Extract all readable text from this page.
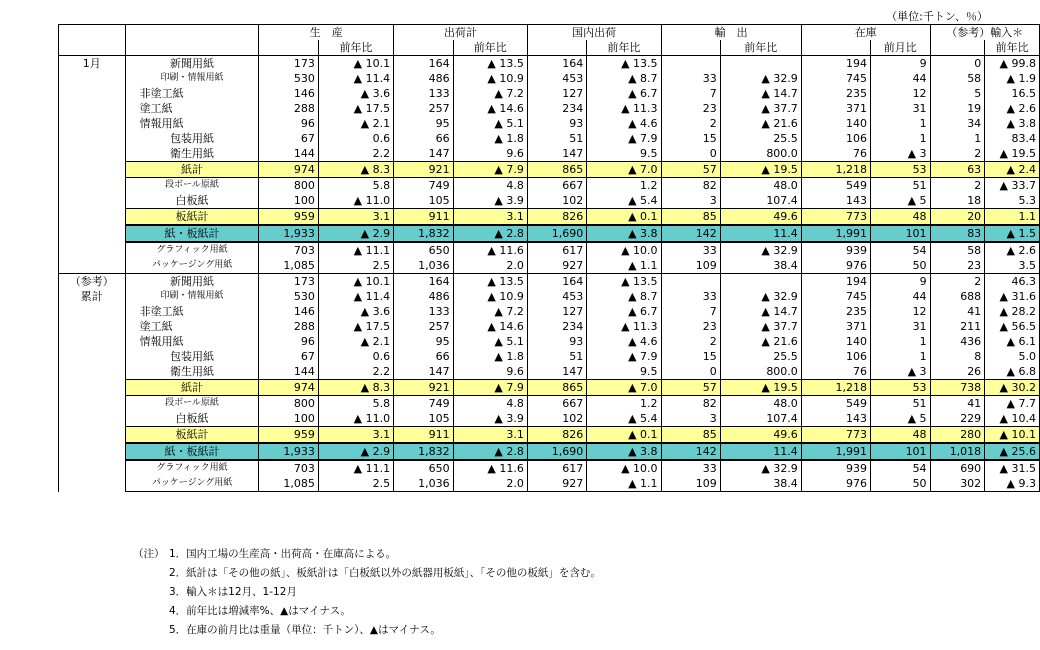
（単位:千トン、％）
		生　産		出荷計		国内出荷		輸　出		在庫		（参考）輸入＊	
			前年比		前年比		前年比		前年比		前月比		前年比

1月	新聞用紙	173	▲ 10.1	164	▲ 13.5	164	▲ 13.5			194	9	0	▲ 99.8
	印刷・情報用紙	530	▲ 11.4	486	▲ 10.9	453	▲ 8.7	33	▲ 32.9	745	44	58	▲ 1.9
	非塗工紙	146	▲ 3.6	133	▲ 7.2	127	▲ 6.7	7	▲ 14.7	235	12	5	16.5
	塗工紙	288	▲ 17.5	257	▲ 14.6	234	▲ 11.3	23	▲ 37.7	371	31	19	▲ 2.6
	情報用紙	96	▲ 2.1	95	▲ 5.1	93	▲ 4.6	2	▲ 21.6	140	1	34	▲ 3.8
	包装用紙	67	0.6	66	▲ 1.8	51	▲ 7.9	15	25.5	106	1	1	83.4
	衛生用紙	144	2.2	147	9.6	147	9.5	0	800.0	76	▲ 3	2	▲ 19.5
	紙計	974	▲ 8.3	921	▲ 7.9	865	▲ 7.0	57	▲ 19.5	1,218	53	63	▲ 2.4
	段ボール原紙	800	5.8	749	4.8	667	1.2	82	48.0	549	51	2	▲ 33.7
	白板紙	100	▲ 11.0	105	▲ 3.9	102	▲ 5.4	3	107.4	143	▲ 5	18	5.3
	板紙計	959	3.1	911	3.1	826	▲ 0.1	85	49.6	773	48	20	1.1
	紙・板紙計	1,933	▲ 2.9	1,832	▲ 2.8	1,690	▲ 3.8	142	11.4	1,991	101	83	▲ 1.5
	グラフィック用紙	703	▲ 11.1	650	▲ 11.6	617	▲ 10.0	33	▲ 32.9	939	54	58	▲ 2.6
	パッケージング用紙	1,085	2.5	1,036	2.0	927	▲ 1.1	109	38.4	976	50	23	3.5

（参考）
累計	新聞用紙	173	▲ 10.1	164	▲ 13.5	164	▲ 13.5			194	9	2	46.3
	印刷・情報用紙	530	▲ 11.4	486	▲ 10.9	453	▲ 8.7	33	▲ 32.9	745	44	688	▲ 31.6
	非塗工紙	146	▲ 3.6	133	▲ 7.2	127	▲ 6.7	7	▲ 14.7	235	12	41	▲ 28.2
	塗工紙	288	▲ 17.5	257	▲ 14.6	234	▲ 11.3	23	▲ 37.7	371	31	211	▲ 56.5
	情報用紙	96	▲ 2.1	95	▲ 5.1	93	▲ 4.6	2	▲ 21.6	140	1	436	▲ 6.1
	包装用紙	67	0.6	66	▲ 1.8	51	▲ 7.9	15	25.5	106	1	8	5.0
	衛生用紙	144	2.2	147	9.6	147	9.5	0	800.0	76	▲ 3	26	▲ 6.8
	紙計	974	▲ 8.3	921	▲ 7.9	865	▲ 7.0	57	▲ 19.5	1,218	53	738	▲ 30.2
	段ボール原紙	800	5.8	749	4.8	667	1.2	82	48.0	549	51	41	▲ 7.7
	白板紙	100	▲ 11.0	105	▲ 3.9	102	▲ 5.4	3	107.4	143	▲ 5	229	▲ 10.4
	板紙計	959	3.1	911	3.1	826	▲ 0.1	85	49.6	773	48	280	▲ 10.1
	紙・板紙計	1,933	▲ 2.9	1,832	▲ 2.8	1,690	▲ 3.8	142	11.4	1,991	101	1,018	▲ 25.6
	グラフィック用紙	703	▲ 11.1	650	▲ 11.6	617	▲ 10.0	33	▲ 32.9	939	54	690	▲ 31.5
	パッケージング用紙	1,085	2.5	1,036	2.0	927	▲ 1.1	109	38.4	976	50	302	▲ 9.3
（注） 1．国内工場の生産高・出荷高・在庫高による。
2．紙計は「その他の紙」、板紙計は「白板紙以外の紙器用板紙」、「その他の板紙」を含む。
3．輸入＊は12月、1-12月
4．前年比は増減率%、▲はマイナス。
5．在庫の前月比は重量（単位：千トン）、▲はマイナス。
